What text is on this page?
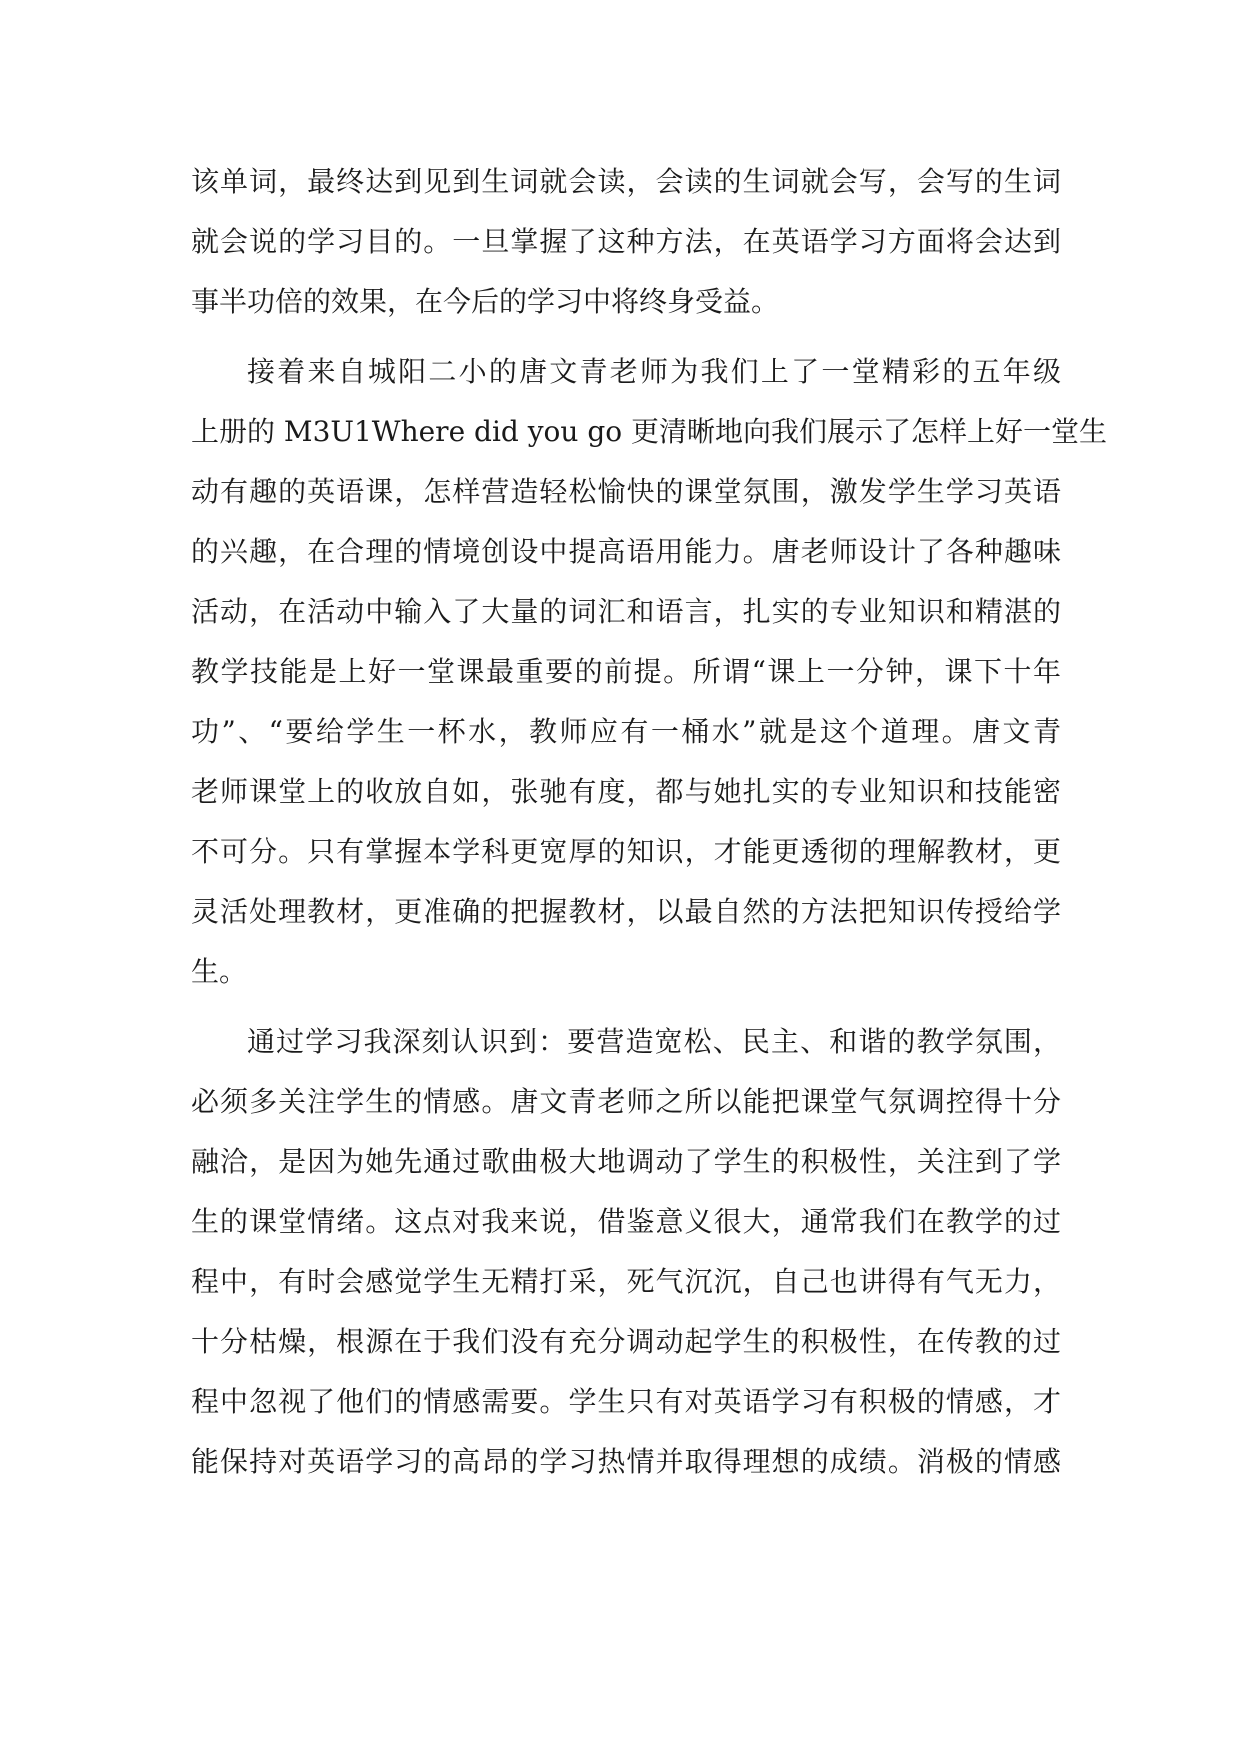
该单词，最终达到见到生词就会读，会读的生词就会写，会写的生词
就会说的学习目的。一旦掌握了这种方法，在英语学习方面将会达到
事半功倍的效果，在今后的学习中将终身受益。
接着来自城阳二小的唐文青老师为我们上了一堂精彩的五年级
上册的 M3U1Where did you go 更清晰地向我们展示了怎样上好一堂生
动有趣的英语课，怎样营造轻松愉快的课堂氛围，激发学生学习英语
的兴趣，在合理的情境创设中提高语用能力。唐老师设计了各种趣味
活动，在活动中输入了大量的词汇和语言，扎实的专业知识和精湛的
教学技能是上好一堂课最重要的前提。所谓“课上一分钟，课下十年
功”、“要给学生一杯水，教师应有一桶水”就是这个道理。唐文青
老师课堂上的收放自如，张驰有度，都与她扎实的专业知识和技能密
不可分。只有掌握本学科更宽厚的知识，才能更透彻的理解教材，更
灵活处理教材，更准确的把握教材，以最自然的方法把知识传授给学
生。
通过学习我深刻认识到：要营造宽松、民主、和谐的教学氛围，
必须多关注学生的情感。唐文青老师之所以能把课堂气氛调控得十分
融洽，是因为她先通过歌曲极大地调动了学生的积极性，关注到了学
生的课堂情绪。这点对我来说，借鉴意义很大，通常我们在教学的过
程中，有时会感觉学生无精打采，死气沉沉，自己也讲得有气无力，
十分枯燥，根源在于我们没有充分调动起学生的积极性，在传教的过
程中忽视了他们的情感需要。学生只有对英语学习有积极的情感，才
能保持对英语学习的高昂的学习热情并取得理想的成绩。消极的情感
